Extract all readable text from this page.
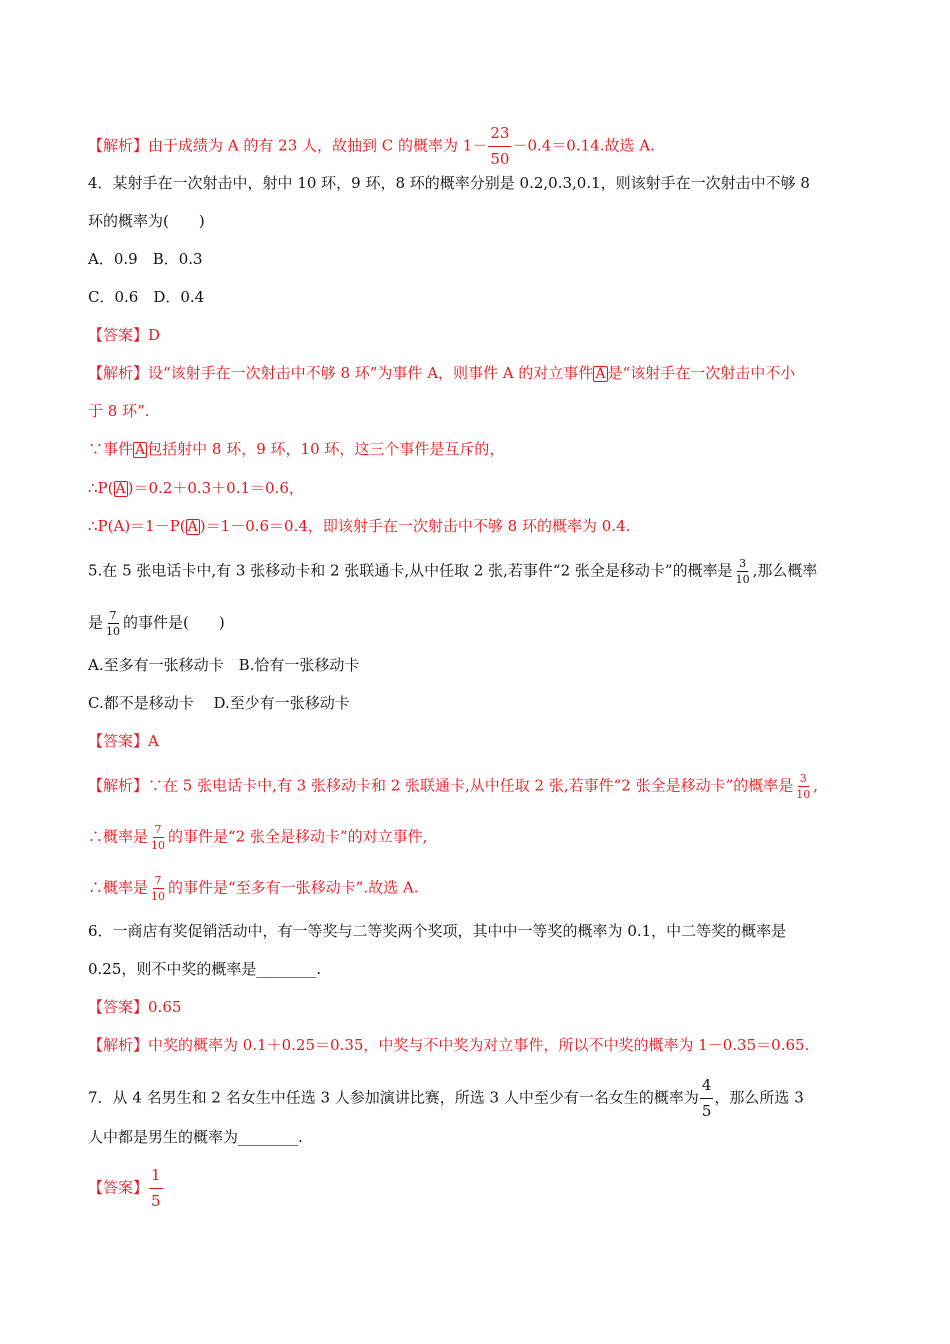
【解析】由于成绩为 A 的有 23 人，故抽到 C 的概率为 $1- \frac{23}{50} -0.4=0.14$.故选 A.
4．某射手在一次射击中，射中 10 环，9 环，8 环的概率分别是 0.2,0.3,0.1，则该射手在一次射击中不够 8
环的概率为(　　)
A．0.9　B．0.3
C．0.6　D．0.4
【答案】D
【解析】设“该射手在一次射击中不够 8 环”为事件 A，则事件 A 的对立事件 A 是“该射手在一次射击中不小
于 8 环”.
∵事件 A 包括射中 8 环，9 环，10 环，这三个事件是互斥的，
∴P( A )＝0.2＋0.3＋0.1＝0.6，
∴P(A)＝1－P( A )＝1－0.6＝0.4，即该射手在一次射击中不够 8 环的概率为 0.4.
5.在 5 张电话卡中,有 3 张移动卡和 2 张联通卡,从中任取 2 张,若事件“2 张全是移动卡”的概率是 $\frac{3}{10}$ ,那么概率
是 $\frac{7}{10}$ 的事件是(　　)
A.至多有一张移动卡　B.恰有一张移动卡
C.都不是移动卡　 D.至少有一张移动卡
【答案】A
【解析】∵在 5 张电话卡中,有 3 张移动卡和 2 张联通卡,从中任取 2 张,若事件“2 张全是移动卡”的概率是 $\frac{3}{10}$ ,
∴概率是 $\frac{7}{10}$ 的事件是“2 张全是移动卡”的对立事件,
∴概率是 $\frac{7}{10}$ 的事件是“至多有一张移动卡”.故选 A.
6．一商店有奖促销活动中，有一等奖与二等奖两个奖项，其中中一等奖的概率为 0.1，中二等奖的概率是
0.25，则不中奖的概率是________.
【答案】0.65
【解析】中奖的概率为 0.1＋0.25＝0.35，中奖与不中奖为对立事件，所以不中奖的概率为 1－0.35＝0.65.
7．从 4 名男生和 2 名女生中任选 3 人参加演讲比赛，所选 3 人中至少有一名女生的概率为 $\frac{4}{5}$ ，那么所选 3
人中都是男生的概率为________.
【答案】 $\frac{1}{5}$
